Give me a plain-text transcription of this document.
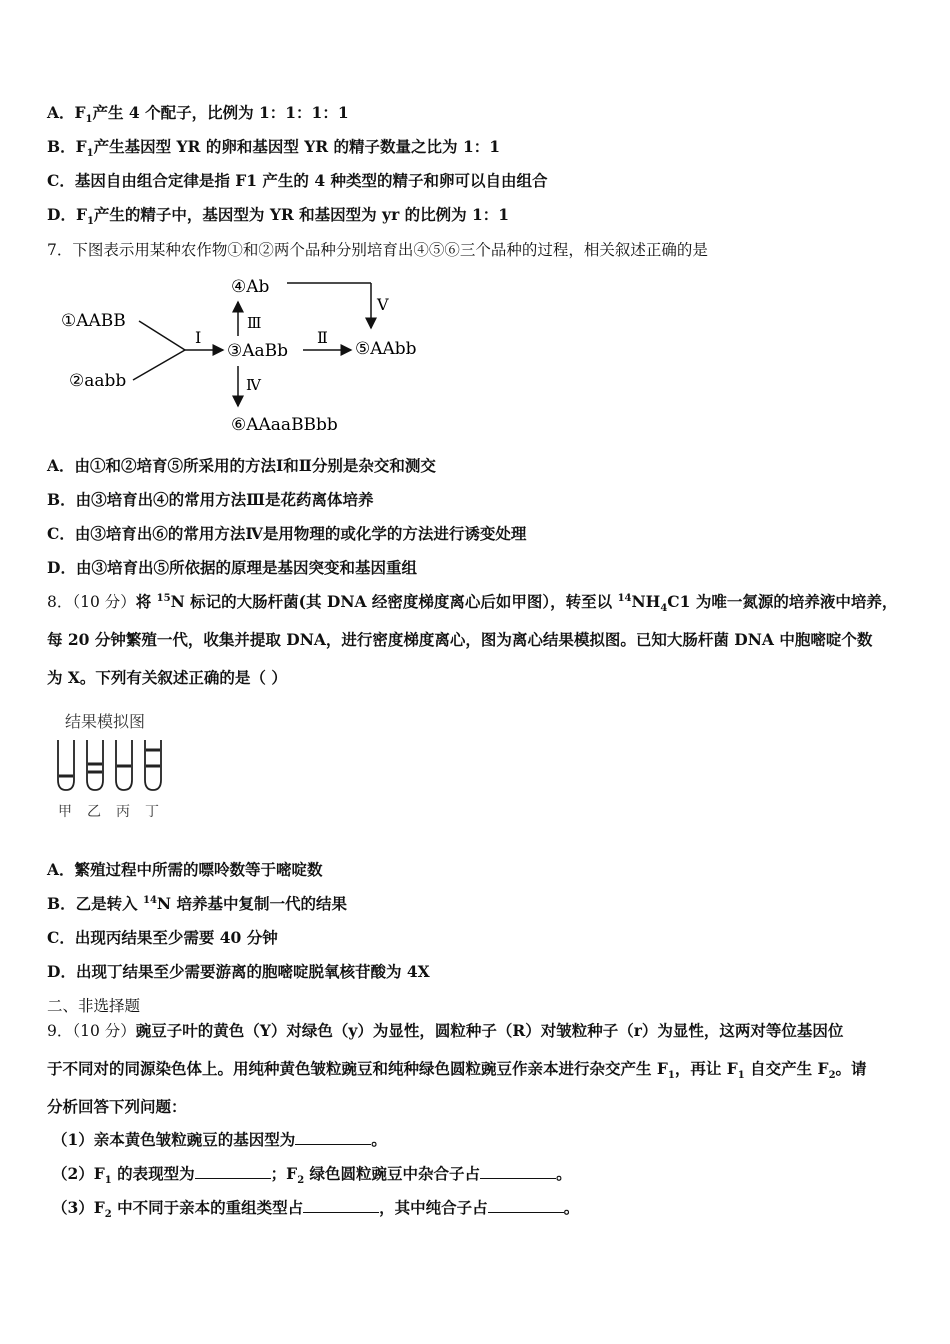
A．$F_1$产生 4 个配子，比例为 1：1：1：1
B．$F_1$产生基因型 YR 的卵和基因型 YR 的精子数量之比为 1：1
C．基因自由组合定律是指 F1 产生的 4 种类型的精子和卵可以自由组合
D．$F_1$产生的精子中，基因型为 YR 和基因型为 yr 的比例为 1：1
7．下图表示用某种农作物①和②两个品种分别培育出④⑤⑥三个品种的过程，相关叙述正确的是
①AABB
②aabb
Ⅰ
③AaBb
Ⅱ
⑤AAbb
Ⅲ
④Ab
Ⅴ
Ⅳ
⑥AAaaBBbb
A．由①和②培育⑤所采用的方法Ⅰ和Ⅱ分别是杂交和测交
B．由③培育出④的常用方法Ⅲ是花药离体培养
C．由③培育出⑥的常用方法Ⅳ是用物理的或化学的方法进行诱变处理
D．由③培育出⑤所依据的原理是基因突变和基因重组
8．（10 分）将 $^{15}$N 标记的大肠杆菌(其 DNA 经密度梯度离心后如甲图），转至以 $^{14}NH_4C1$ 为唯一氮源的培养液中培养，
每 20 分钟繁殖一代，收集并提取 DNA，进行密度梯度离心，图为离心结果模拟图。已知大肠杆菌 DNA 中胞嘧啶个数
为 X。下列有关叙述正确的是（ ）
结果模拟图
甲 乙 丙 丁
A．繁殖过程中所需的嘌呤数等于嘧啶数
B．乙是转入 $^{14}$N 培养基中复制一代的结果
C．出现丙结果至少需要 40 分钟
D．出现丁结果至少需要游离的胞嘧啶脱氧核苷酸为 4X
二、非选择题
9．（10 分）豌豆子叶的黄色（Y）对绿色（y）为显性，圆粒种子（R）对皱粒种子（r）为显性，这两对等位基因位
于不同对的同源染色体上。用纯种黄色皱粒豌豆和纯种绿色圆粒豌豆作亲本进行杂交产生 $F_1$，再让 $F_1$ 自交产生 $F_2$。请
分析回答下列问题：
（1）亲本黄色皱粒豌豆的基因型为	。
$(2)F_1$ 的表现型为	；$F_2$ 绿色圆粒豌豆中杂合子占	。
$(3)F_2$ 中不同于亲本的重组类型占	，其中纯合子占	。
